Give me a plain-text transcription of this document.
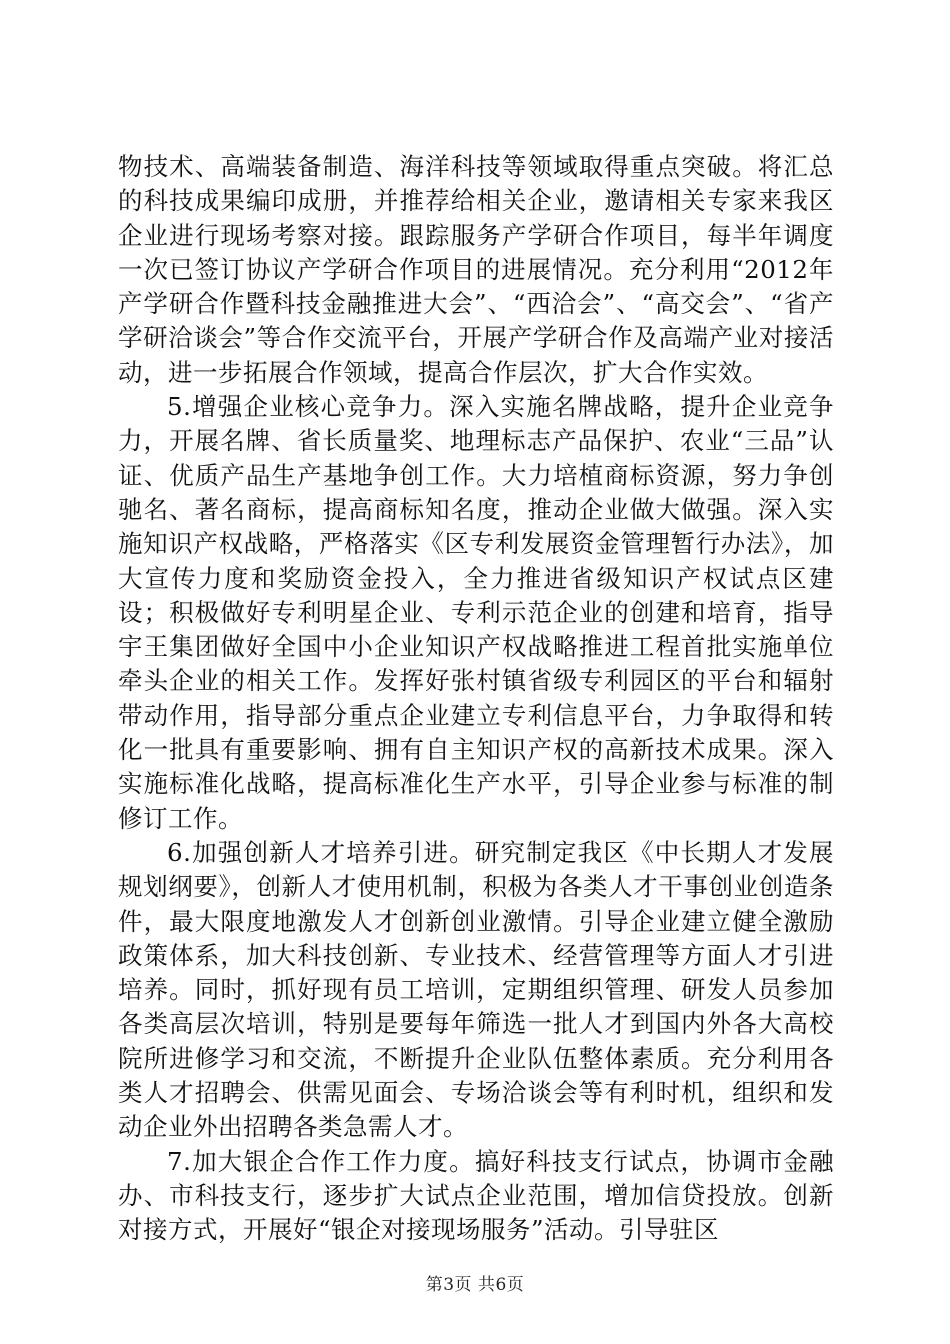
物技术、高端装备制造、海洋科技等领域取得重点突破。将汇总的科技成果编印成册，并推荐给相关企业，邀请相关专家来我区企业进行现场考察对接。跟踪服务产学研合作项目，每半年调度一次已签订协议产学研合作项目的进展情况。充分利用“2012年产学研合作暨科技金融推进大会”、“西洽会”、“高交会”、“省产学研洽谈会”等合作交流平台，开展产学研合作及高端产业对接活动，进一步拓展合作领域，提高合作层次，扩大合作实效。

5.增强企业核心竞争力。深入实施名牌战略，提升企业竞争力，开展名牌、省长质量奖、地理标志产品保护、农业“三品”认证、优质产品生产基地争创工作。大力培植商标资源，努力争创驰名、著名商标，提高商标知名度，推动企业做大做强。深入实施知识产权战略，严格落实《区专利发展资金管理暂行办法》，加大宣传力度和奖励资金投入，全力推进省级知识产权试点区建设；积极做好专利明星企业、专利示范企业的创建和培育，指导宇王集团做好全国中小企业知识产权战略推进工程首批实施单位牵头企业的相关工作。发挥好张村镇省级专利园区的平台和辐射带动作用，指导部分重点企业建立专利信息平台，力争取得和转化一批具有重要影响、拥有自主知识产权的高新技术成果。深入实施标准化战略，提高标准化生产水平，引导企业参与标准的制修订工作。

6.加强创新人才培养引进。研究制定我区《中长期人才发展规划纲要》，创新人才使用机制，积极为各类人才干事创业创造条件，最大限度地激发人才创新创业激情。引导企业建立健全激励政策体系，加大科技创新、专业技术、经营管理等方面人才引进培养。同时，抓好现有员工培训，定期组织管理、研发人员参加各类高层次培训，特别是要每年筛选一批人才到国内外各大高校院所进修学习和交流，不断提升企业队伍整体素质。充分利用各类人才招聘会、供需见面会、专场洽谈会等有利时机，组织和发动企业外出招聘各类急需人才。

7.加大银企合作工作力度。搞好科技支行试点，协调市金融办、市科技支行，逐步扩大试点企业范围，增加信贷投放。创新对接方式，开展好“银企对接现场服务”活动。引导驻区

第3页 共6页
